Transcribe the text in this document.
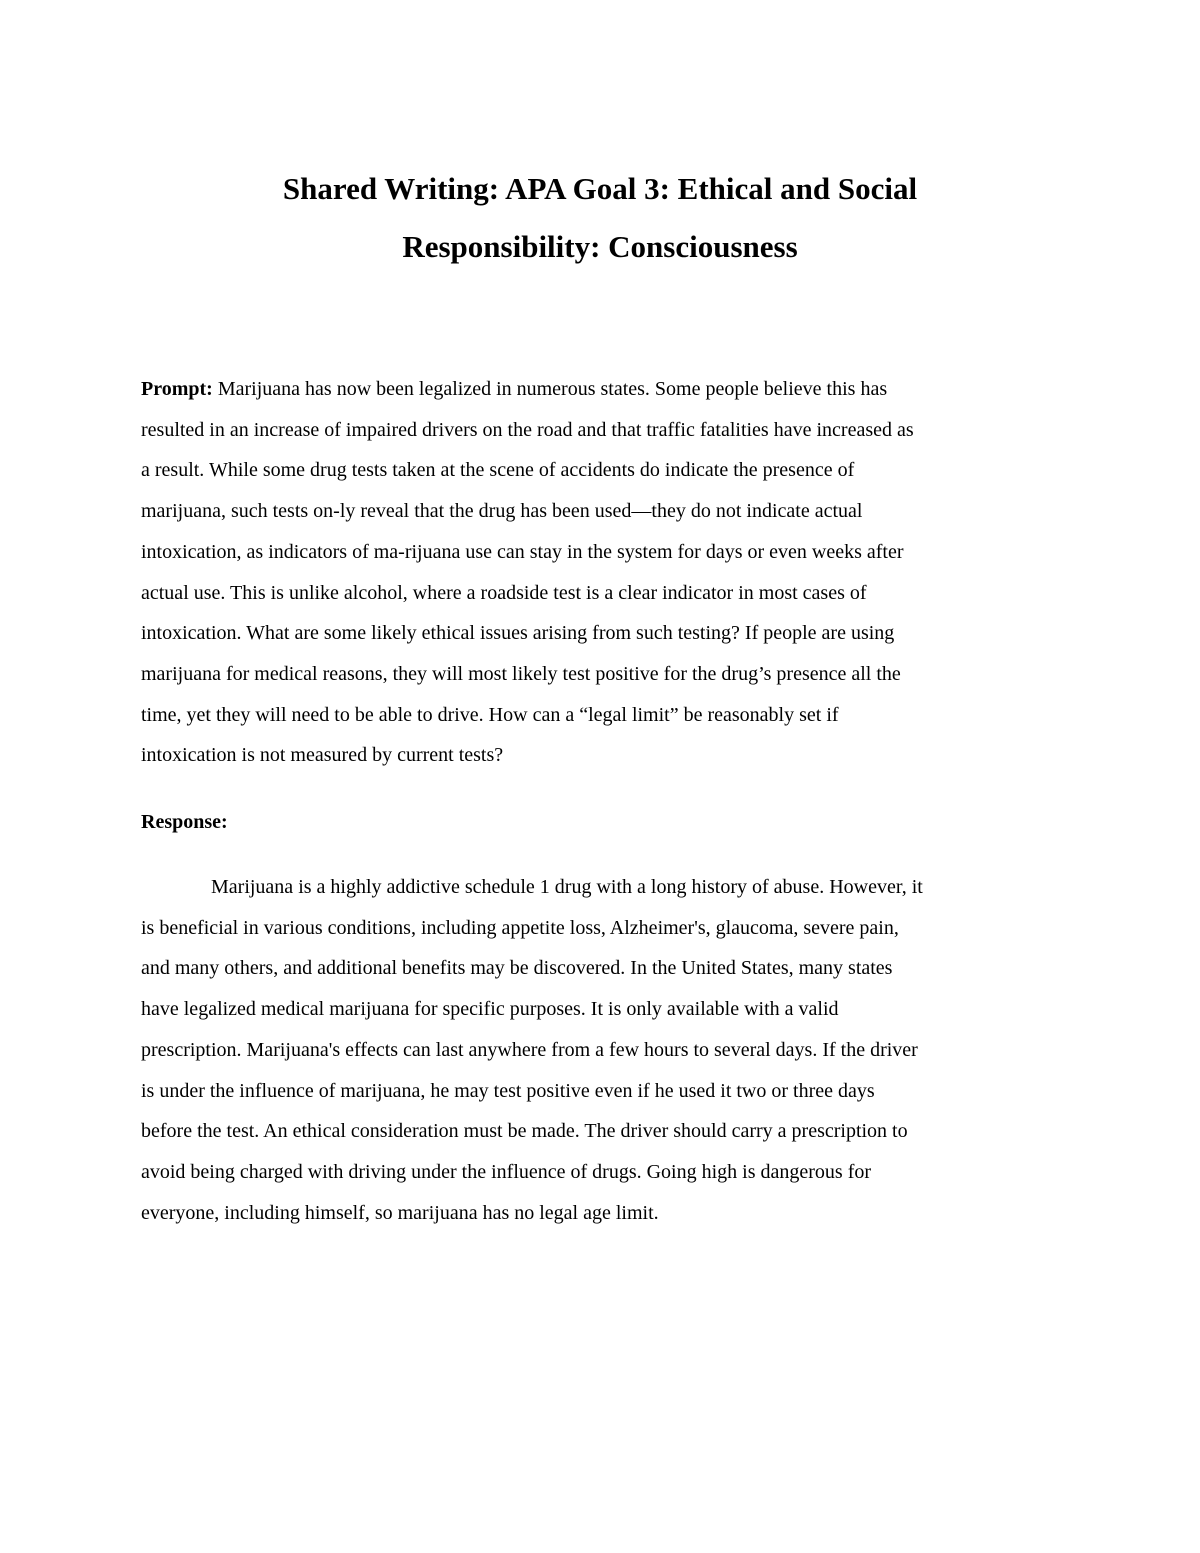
Shared Writing: APA Goal 3: Ethical and Social
Responsibility: Consciousness
Prompt: Marijuana has now been legalized in numerous states. Some people believe this has
resulted in an increase of impaired drivers on the road and that traffic fatalities have increased as
a result. While some drug tests taken at the scene of accidents do indicate the presence of
marijuana, such tests on-ly reveal that the drug has been used—they do not indicate actual
intoxication, as indicators of ma-rijuana use can stay in the system for days or even weeks after
actual use. This is unlike alcohol, where a roadside test is a clear indicator in most cases of
intoxication. What are some likely ethical issues arising from such testing? If people are using
marijuana for medical reasons, they will most likely test positive for the drug’s presence all the
time, yet they will need to be able to drive. How can a “legal limit” be reasonably set if
intoxication is not measured by current tests?
Response:
Marijuana is a highly addictive schedule 1 drug with a long history of abuse. However, it
is beneficial in various conditions, including appetite loss, Alzheimer's, glaucoma, severe pain,
and many others, and additional benefits may be discovered. In the United States, many states
have legalized medical marijuana for specific purposes. It is only available with a valid
prescription. Marijuana's effects can last anywhere from a few hours to several days. If the driver
is under the influence of marijuana, he may test positive even if he used it two or three days
before the test. An ethical consideration must be made. The driver should carry a prescription to
avoid being charged with driving under the influence of drugs. Going high is dangerous for
everyone, including himself, so marijuana has no legal age limit.
